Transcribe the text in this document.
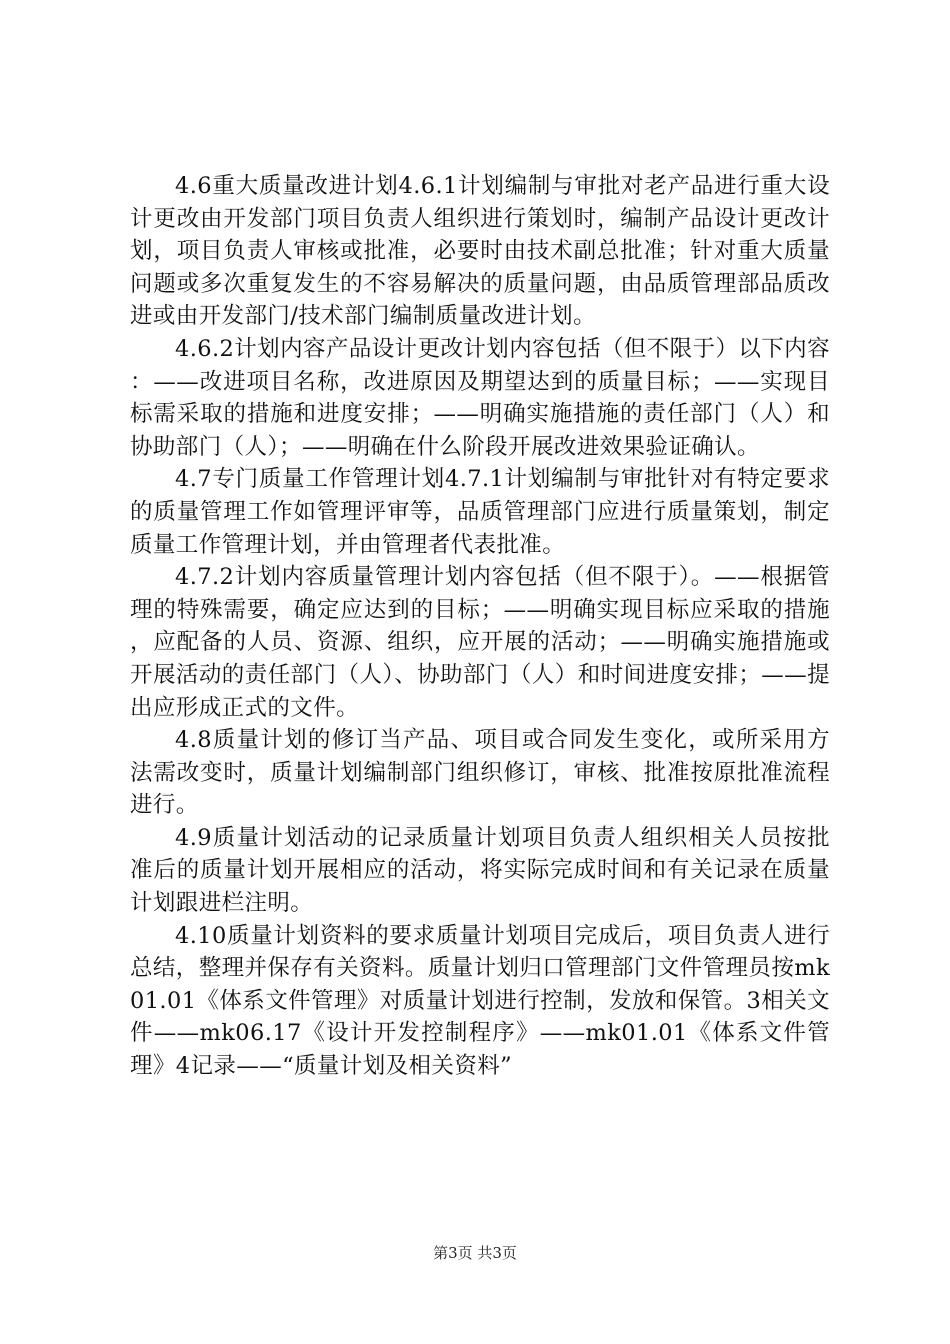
4.6重大质量改进计划4.6.1计划编制与审批对老产品进行重大设计更改由开发部门项目负责人组织进行策划时，编制产品设计更改计划，项目负责人审核或批准，必要时由技术副总批准；针对重大质量问题或多次重复发生的不容易解决的质量问题，由品质管理部品质改进或由开发部门/技术部门编制质量改进计划。

4.6.2计划内容产品设计更改计划内容包括（但不限于）以下内容：——改进项目名称，改进原因及期望达到的质量目标；——实现目标需采取的措施和进度安排；——明确实施措施的责任部门（人）和协助部门（人）；——明确在什么阶段开展改进效果验证确认。

4.7专门质量工作管理计划4.7.1计划编制与审批针对有特定要求的质量管理工作如管理评审等，品质管理部门应进行质量策划，制定质量工作管理计划，并由管理者代表批准。

4.7.2计划内容质量管理计划内容包括（但不限于）。——根据管理的特殊需要，确定应达到的目标；——明确实现目标应采取的措施，应配备的人员、资源、组织，应开展的活动；——明确实施措施或开展活动的责任部门（人）、协助部门（人）和时间进度安排；——提出应形成正式的文件。

4.8质量计划的修订当产品、项目或合同发生变化，或所采用方法需改变时，质量计划编制部门组织修订，审核、批准按原批准流程进行。

4.9质量计划活动的记录质量计划项目负责人组织相关人员按批准后的质量计划开展相应的活动，将实际完成时间和有关记录在质量计划跟进栏注明。

4.10质量计划资料的要求质量计划项目完成后，项目负责人进行总结，整理并保存有关资料。质量计划归口管理部门文件管理员按mk01.01《体系文件管理》对质量计划进行控制，发放和保管。3相关文件——mk06.17《设计开发控制程序》——mk01.01《体系文件管理》4记录——“质量计划及相关资料”

第3页 共3页
